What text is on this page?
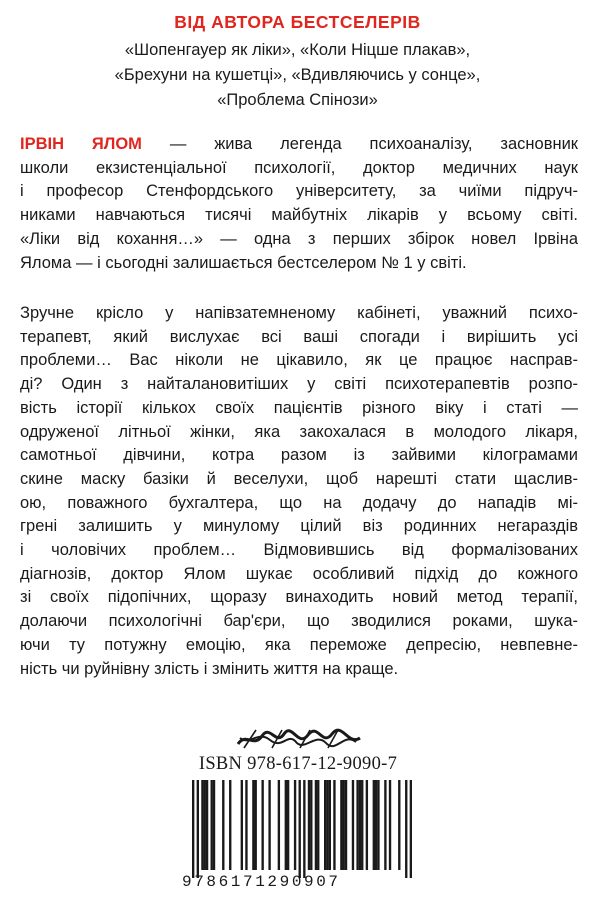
ВІД АВТОРА БЕСТСЕЛЕРІВ
«Шопенгауер як ліки», «Коли Ніцше плакав»,
«Брехуни на кушетці», «Вдивляючись у сонце»,
«Проблема Спінози»
ІРВІН ЯЛОМ — жива легенда психоаналізу, засновник
школи екзистенціальної психології, доктор медичних наук
і професор Стенфордського університету, за чиїми підруч-
никами навчаються тисячі майбутніх лікарів у всьому світі.
«Ліки від кохання…» — одна з перших збірок новел Ірвіна
Ялома — і сьогодні залишається бестселером № 1 у світі.
Зручне крісло у напівзатемненому кабінеті, уважний психо-
терапевт, який вислухає всі ваші спогади і вирішить усі
проблеми… Вас ніколи не цікавило, як це працює насправ-
ді? Один з найталановитіших у світі психотерапевтів розпо-
вість історії кількох своїх пацієнтів різного віку і статі —
одруженої літньої жінки, яка закохалася в молодого лікаря,
самотньої дівчини, котра разом із зайвими кілограмами
скине маску базіки й веселухи, щоб нарешті стати щаслив-
ою, поважного бухгалтера, що на додачу до нападів мі-
грені залишить у минулому цілий віз родинних негараздів
і чоловічих проблем… Відмовившись від формалізованих
діагнозів, доктор Ялом шукає особливий підхід до кожного
зі своїх підопічних, щоразу винаходить новий метод терапії,
долаючи психологічні бар'єри, що зводилися роками, шука-
ючи ту потужну емоцію, яка переможе депресію, невпевне-
ність чи руйнівну злість і змінить життя на краще.
ISBN 978-617-12-9090-7
9786171290907
